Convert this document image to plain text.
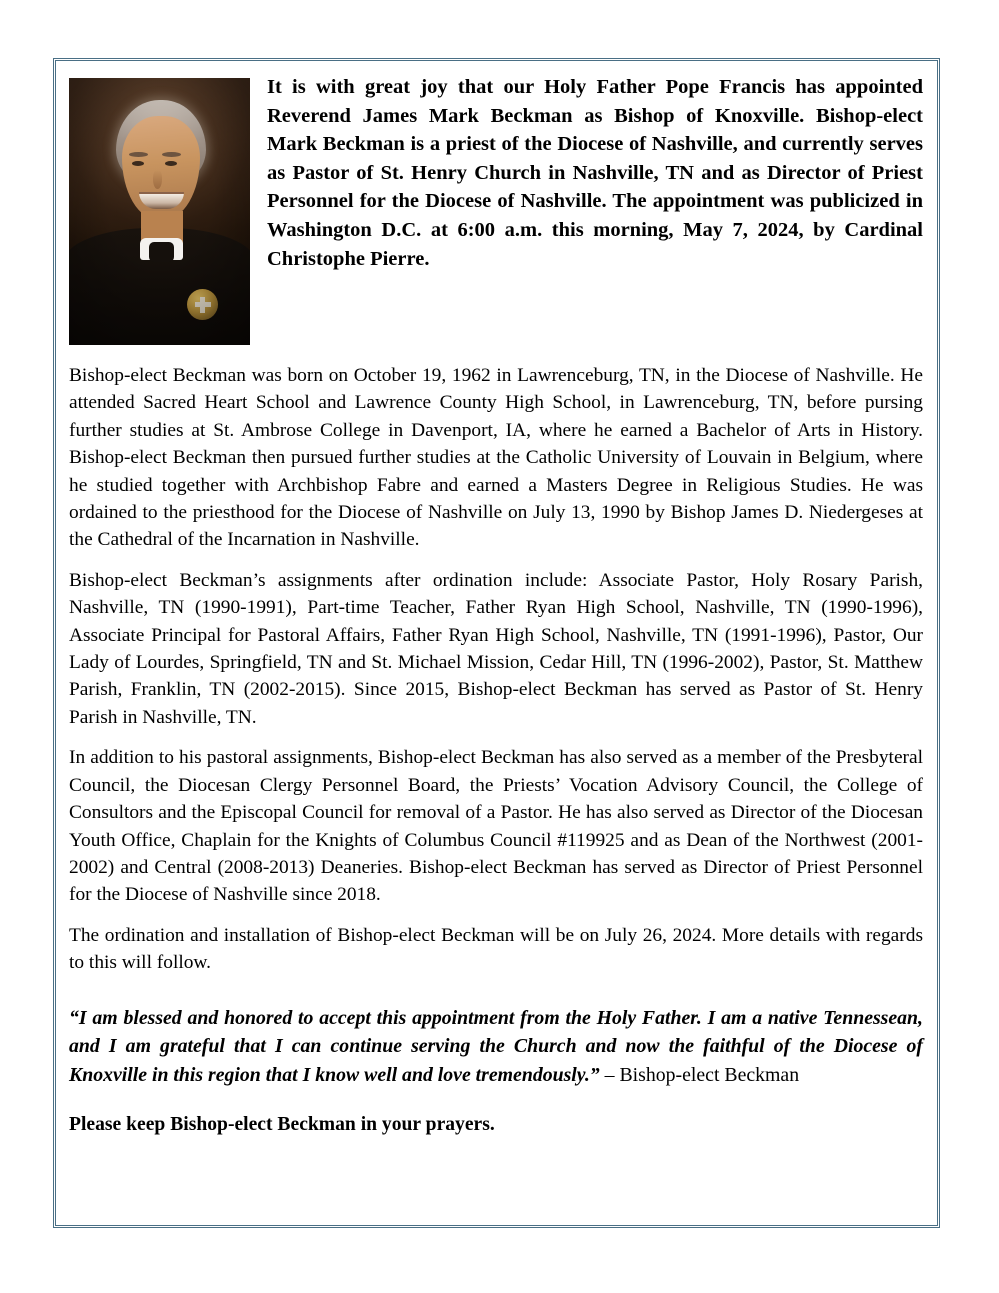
It is with great joy that our Holy Father Pope Francis has appointed Reverend James Mark Beckman as Bishop of Knoxville. Bishop-elect Mark Beckman is a priest of the Diocese of Nashville, and currently serves as Pastor of St. Henry Church in Nashville, TN and as Director of Priest Personnel for the Diocese of Nashville. The appointment was publicized in Washington D.C. at 6:00 a.m. this morning, May 7, 2024, by Cardinal Christophe Pierre.

Bishop-elect Beckman was born on October 19, 1962 in Lawrenceburg, TN, in the Diocese of Nashville. He attended Sacred Heart School and Lawrence County High School, in Lawrenceburg, TN, before pursing further studies at St. Ambrose College in Davenport, IA, where he earned a Bachelor of Arts in History. Bishop-elect Beckman then pursued further studies at the Catholic University of Louvain in Belgium, where he studied together with Archbishop Fabre and earned a Masters Degree in Religious Studies. He was ordained to the priesthood for the Diocese of Nashville on July 13, 1990 by Bishop James D. Niedergeses at the Cathedral of the Incarnation in Nashville.

Bishop-elect Beckman’s assignments after ordination include: Associate Pastor, Holy Rosary Parish, Nashville, TN (1990-1991), Part-time Teacher, Father Ryan High School, Nashville, TN (1990-1996), Associate Principal for Pastoral Affairs, Father Ryan High School, Nashville, TN (1991-1996), Pastor, Our Lady of Lourdes, Springfield, TN and St. Michael Mission, Cedar Hill, TN (1996-2002), Pastor, St. Matthew Parish, Franklin, TN (2002-2015). Since 2015, Bishop-elect Beckman has served as Pastor of St. Henry Parish in Nashville, TN.

In addition to his pastoral assignments, Bishop-elect Beckman has also served as a member of the Presbyteral Council, the Diocesan Clergy Personnel Board, the Priests’ Vocation Advisory Council, the College of Consultors and the Episcopal Council for removal of a Pastor. He has also served as Director of the Diocesan Youth Office, Chaplain for the Knights of Columbus Council #119925 and as Dean of the Northwest (2001-2002) and Central (2008-2013) Deaneries. Bishop-elect Beckman has served as Director of Priest Personnel for the Diocese of Nashville since 2018.

The ordination and installation of Bishop-elect Beckman will be on July 26, 2024. More details with regards to this will follow.

“I am blessed and honored to accept this appointment from the Holy Father. I am a native Tennessean, and I am grateful that I can continue serving the Church and now the faithful of the Diocese of Knoxville in this region that I know well and love tremendously.” – Bishop-elect Beckman

Please keep Bishop-elect Beckman in your prayers.
